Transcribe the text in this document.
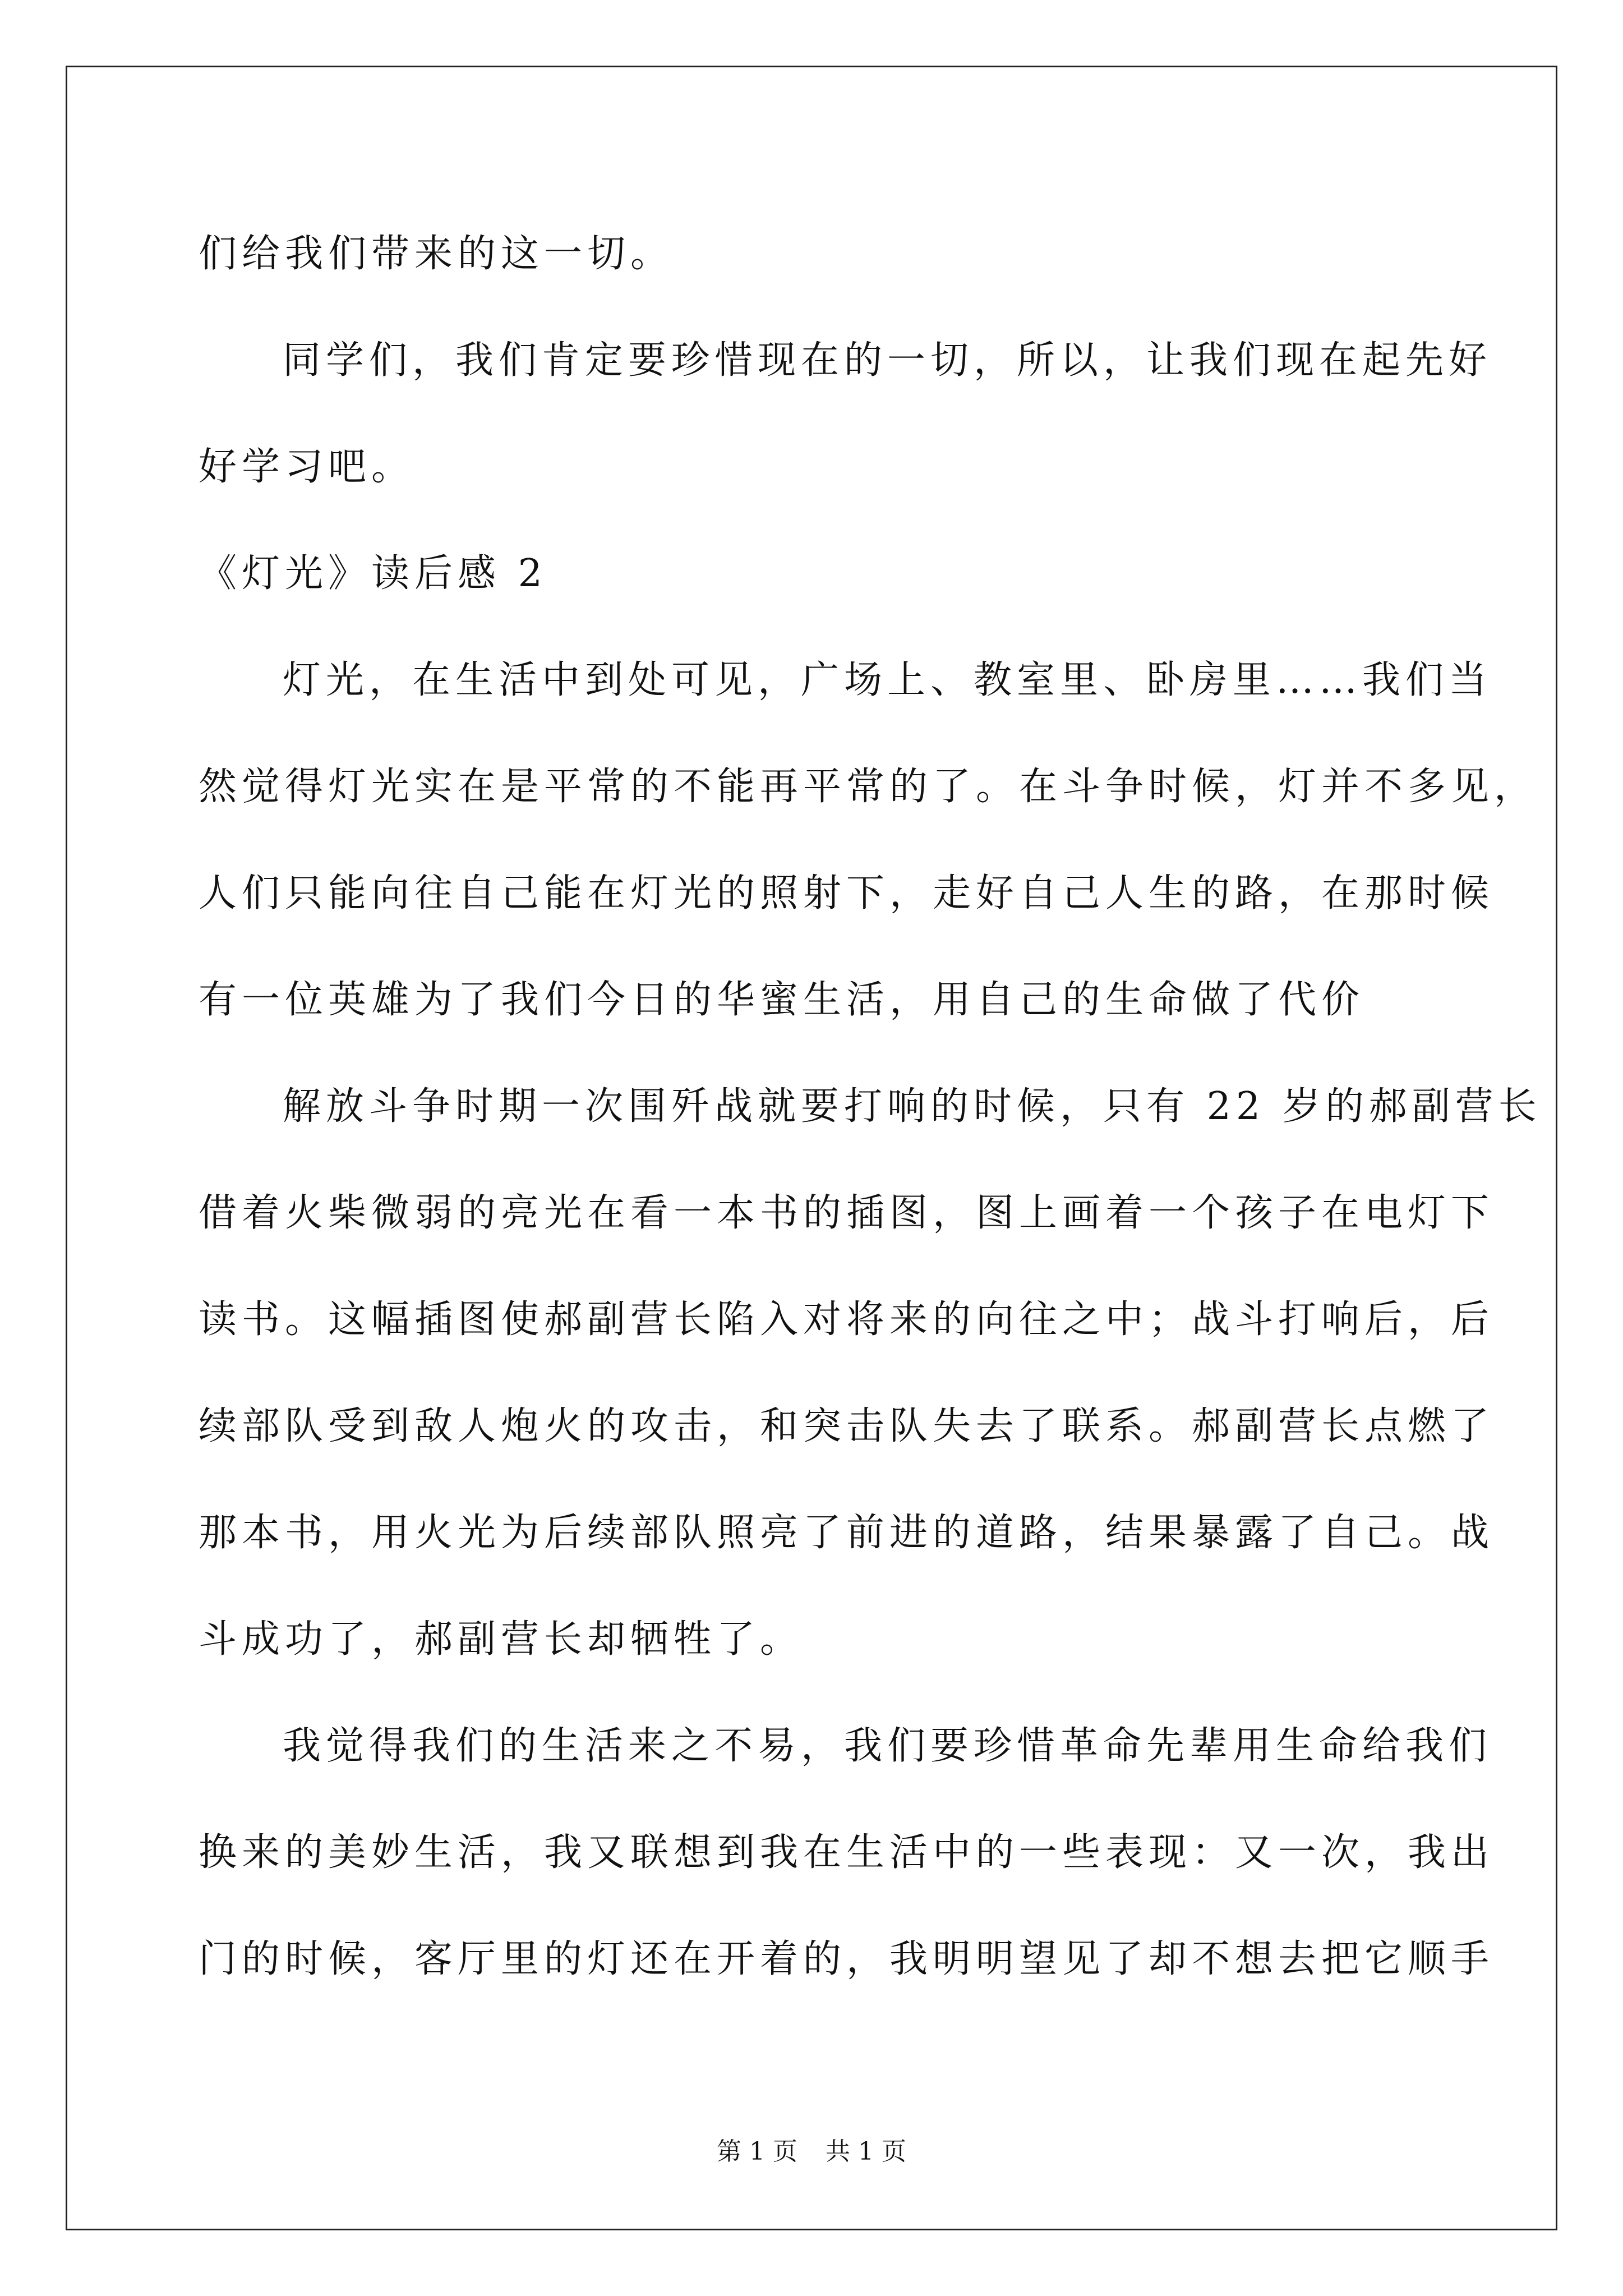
们给我们带来的这一切。
同学们，我们肯定要珍惜现在的一切，所以，让我们现在起先好
好学习吧。
《灯光》读后感 2
灯光，在生活中到处可见，广场上、教室里、卧房里……我们当
然觉得灯光实在是平常的不能再平常的了。在斗争时候，灯并不多见，
人们只能向往自己能在灯光的照射下，走好自己人生的路，在那时候
有一位英雄为了我们今日的华蜜生活，用自己的生命做了代价
解放斗争时期一次围歼战就要打响的时候，只有 22 岁的郝副营长
借着火柴微弱的亮光在看一本书的插图，图上画着一个孩子在电灯下
读书。这幅插图使郝副营长陷入对将来的向往之中；战斗打响后，后
续部队受到敌人炮火的攻击，和突击队失去了联系。郝副营长点燃了
那本书，用火光为后续部队照亮了前进的道路，结果暴露了自己。战
斗成功了，郝副营长却牺牲了。
我觉得我们的生活来之不易，我们要珍惜革命先辈用生命给我们
换来的美妙生活，我又联想到我在生活中的一些表现：又一次，我出
门的时候，客厅里的灯还在开着的，我明明望见了却不想去把它顺手
第 1 页 共 1 页
